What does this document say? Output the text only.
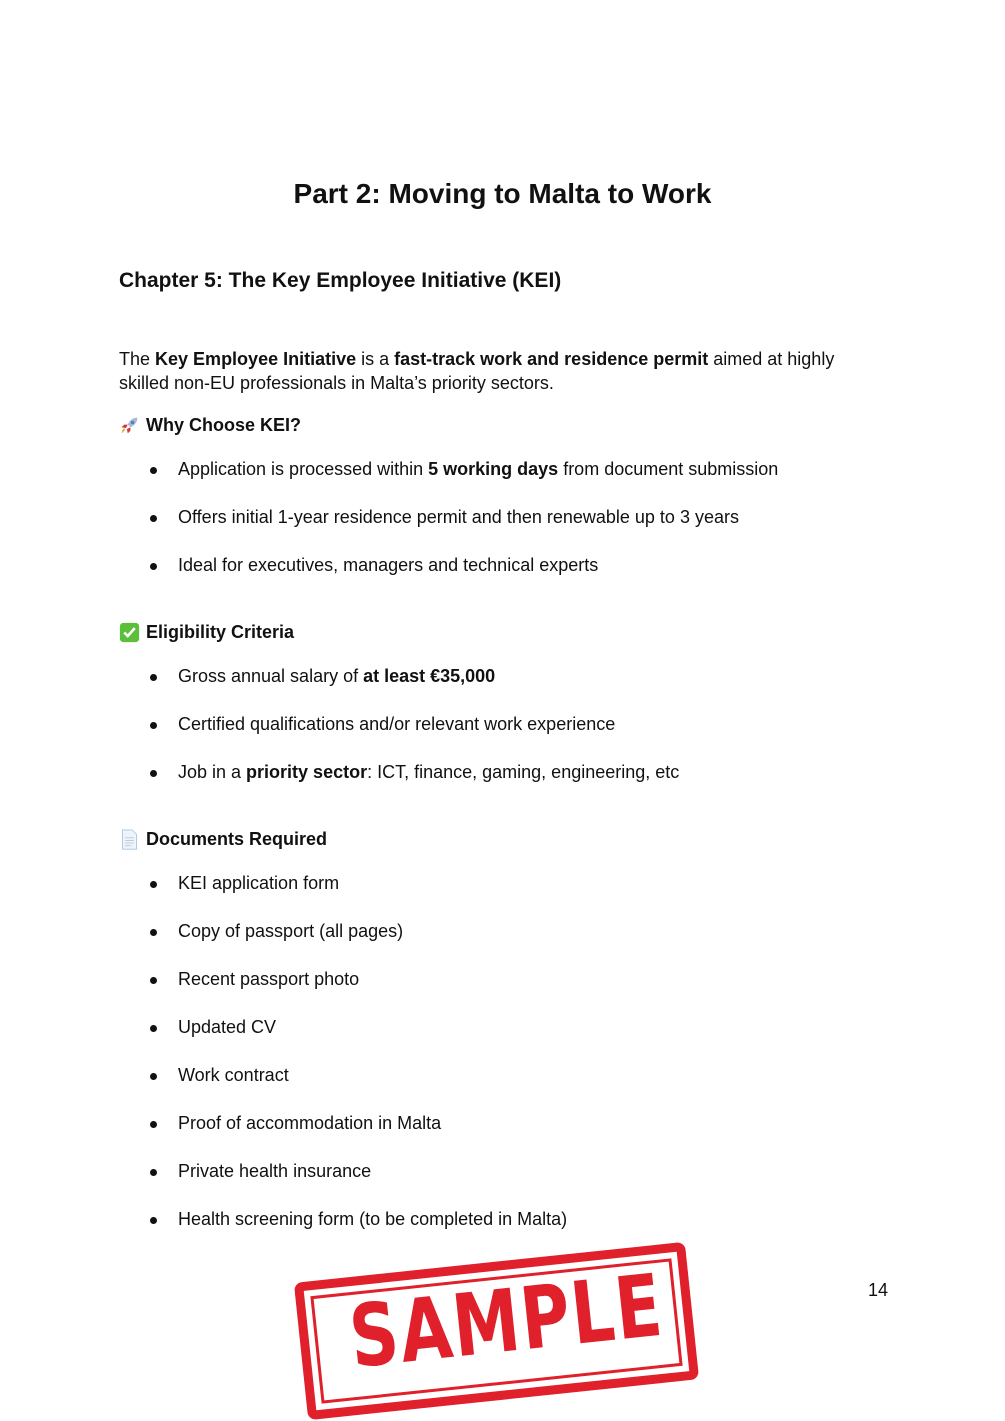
Part 2: Moving to Malta to Work
Chapter 5: The Key Employee Initiative (KEI)
The Key Employee Initiative is a fast-track work and residence permit aimed at highly skilled non-EU professionals in Malta’s priority sectors.
Why Choose KEI?
Application is processed within 5 working days from document submission
Offers initial 1-year residence permit and then renewable up to 3 years
Ideal for executives, managers and technical experts
Eligibility Criteria
Gross annual salary of at least €35,000
Certified qualifications and/or relevant work experience
Job in a priority sector: ICT, finance, gaming, engineering, etc
Documents Required
KEI application form
Copy of passport (all pages)
Recent passport photo
Updated CV
Work contract
Proof of accommodation in Malta
Private health insurance
Health screening form (to be completed in Malta)
SAMPLE	14
